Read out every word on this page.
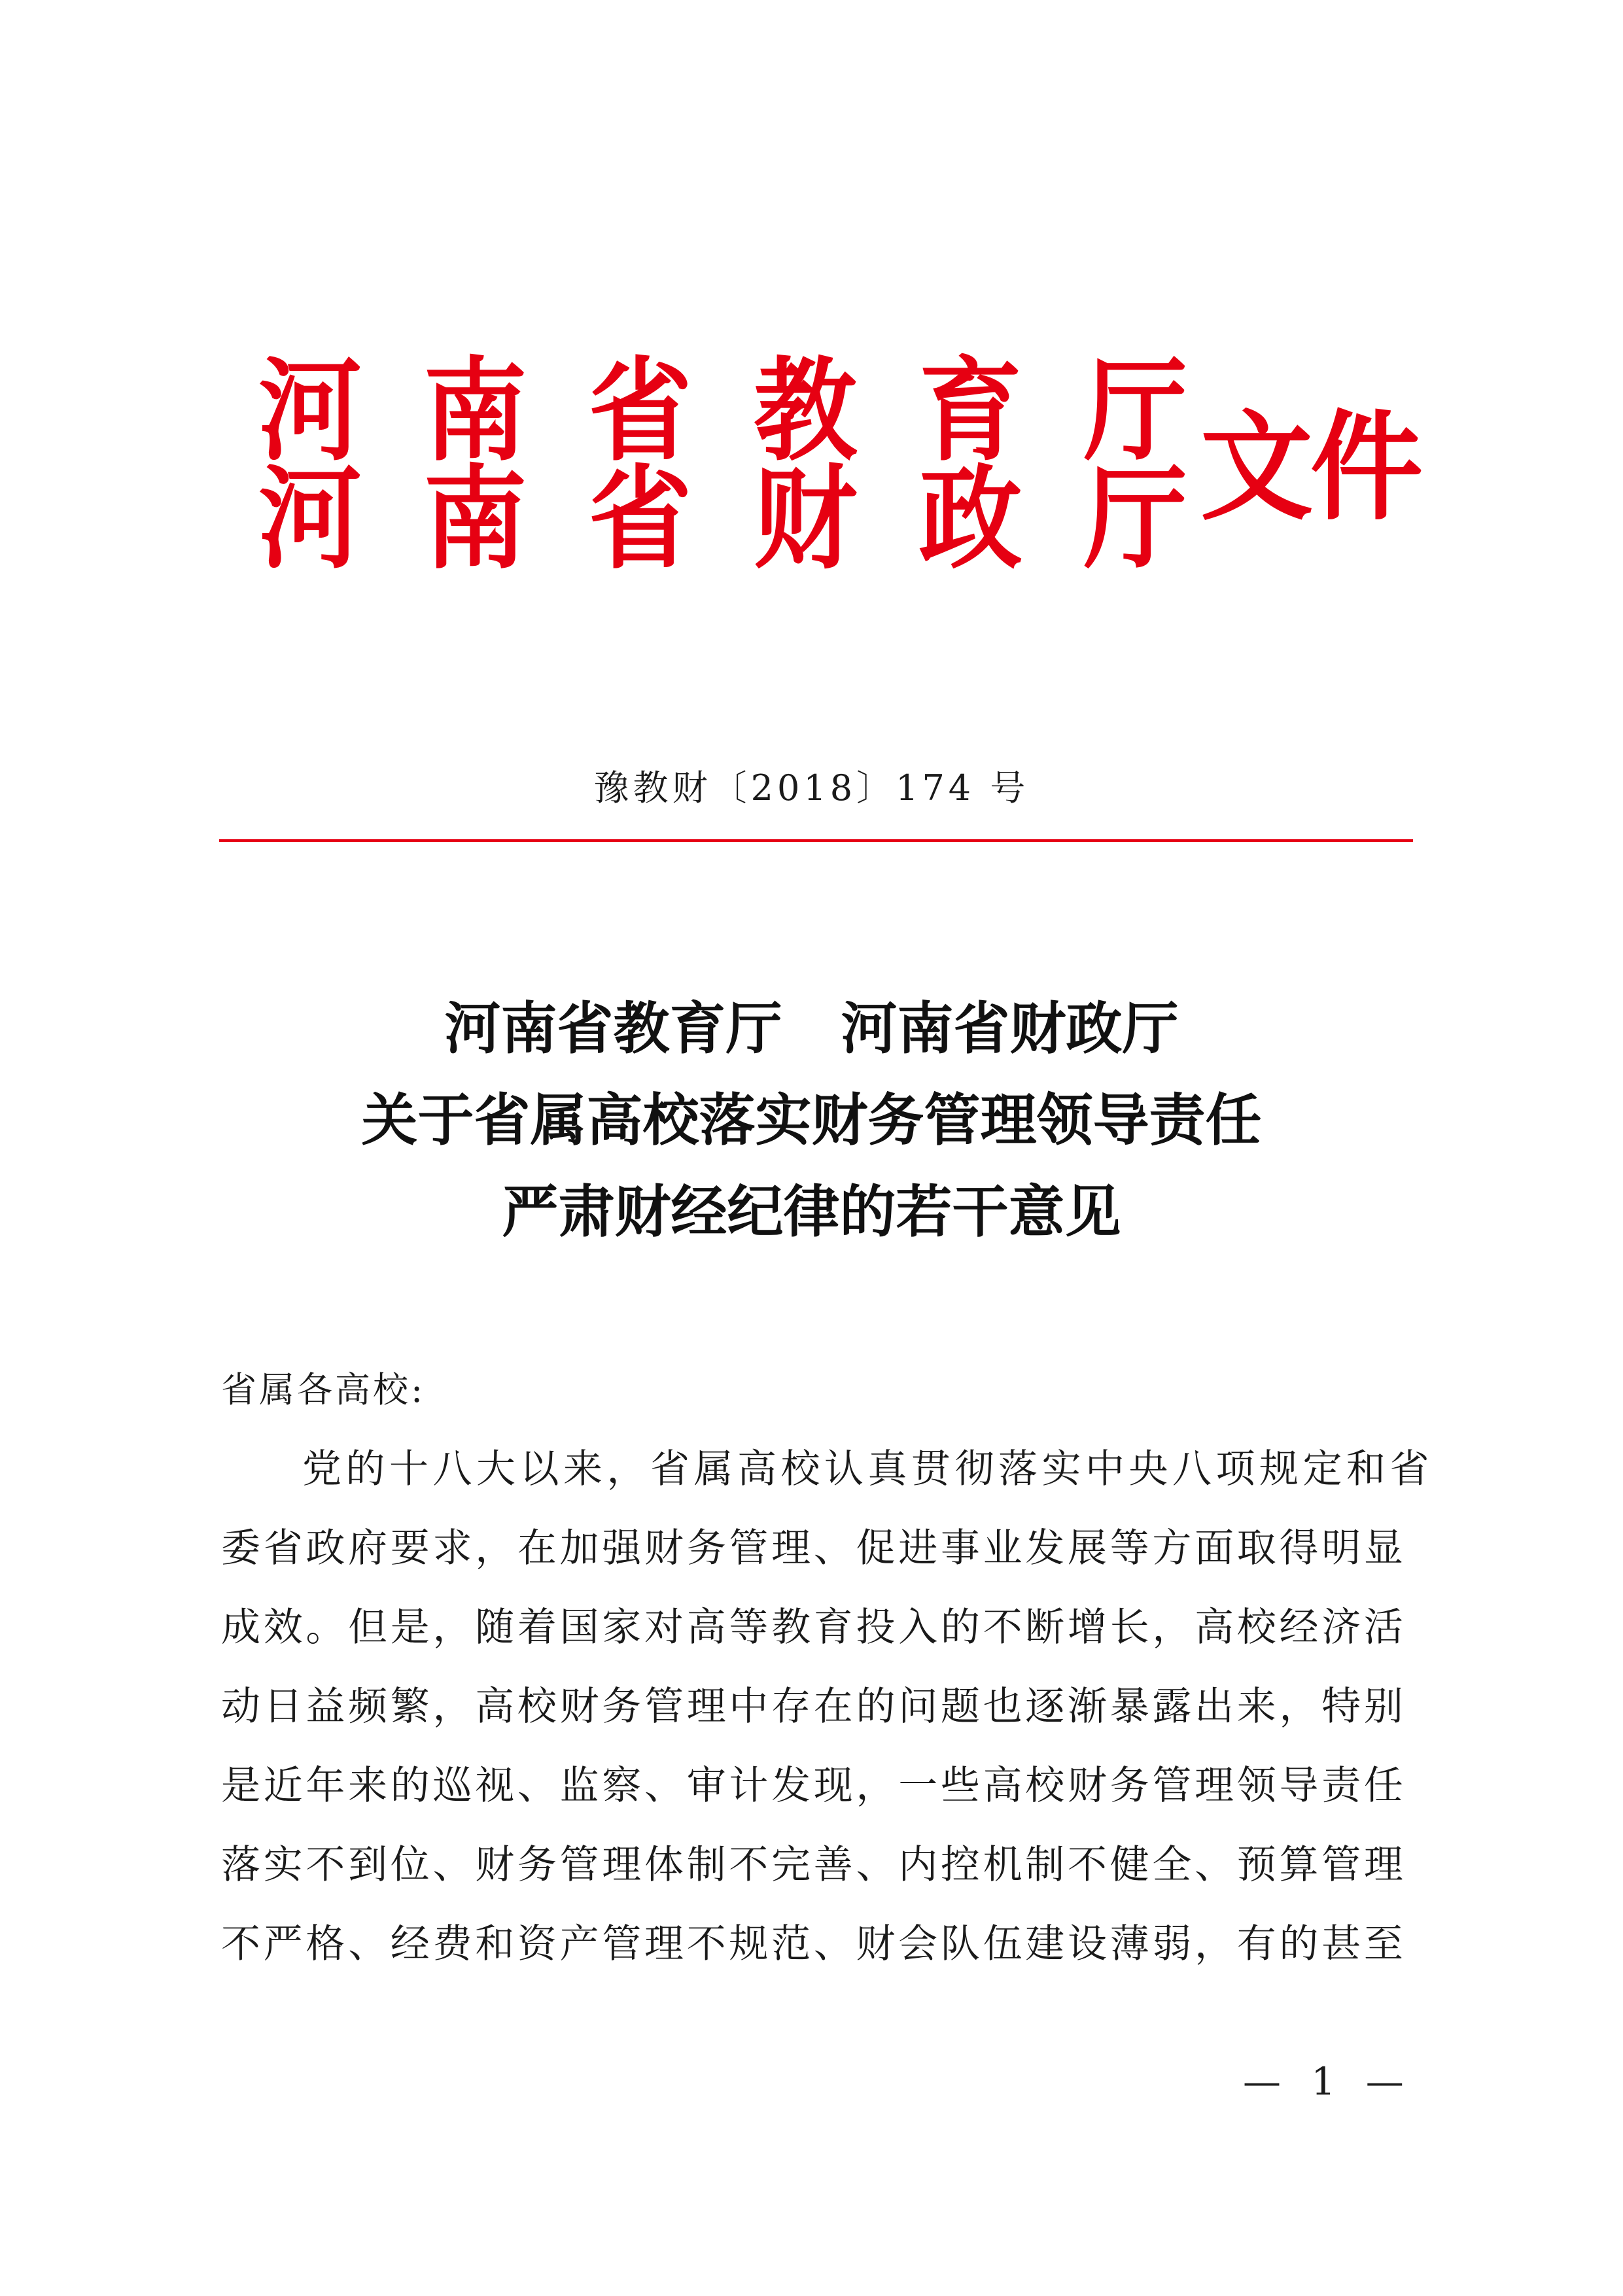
河 南 省 教 育 厅
河 南 省 财 政 厅 文件
豫教财〔2018〕174 号
河南省教育厅 河南省财政厅
关于省属高校落实财务管理领导责任
严肃财经纪律的若干意见
省属各高校:
党的十八大以来，省属高校认真贯彻落实中央八项规定和省
委省政府要求，在加强财务管理、促进事业发展等方面取得明显
成效。但是，随着国家对高等教育投入的不断增长，高校经济活
动日益频繁，高校财务管理中存在的问题也逐渐暴露出来，特别
是近年来的巡视、监察、审计发现，一些高校财务管理领导责任
落实不到位、财务管理体制不完善、内控机制不健全、预算管理
不严格、经费和资产管理不规范、财会队伍建设薄弱，有的甚至
— 1 —
